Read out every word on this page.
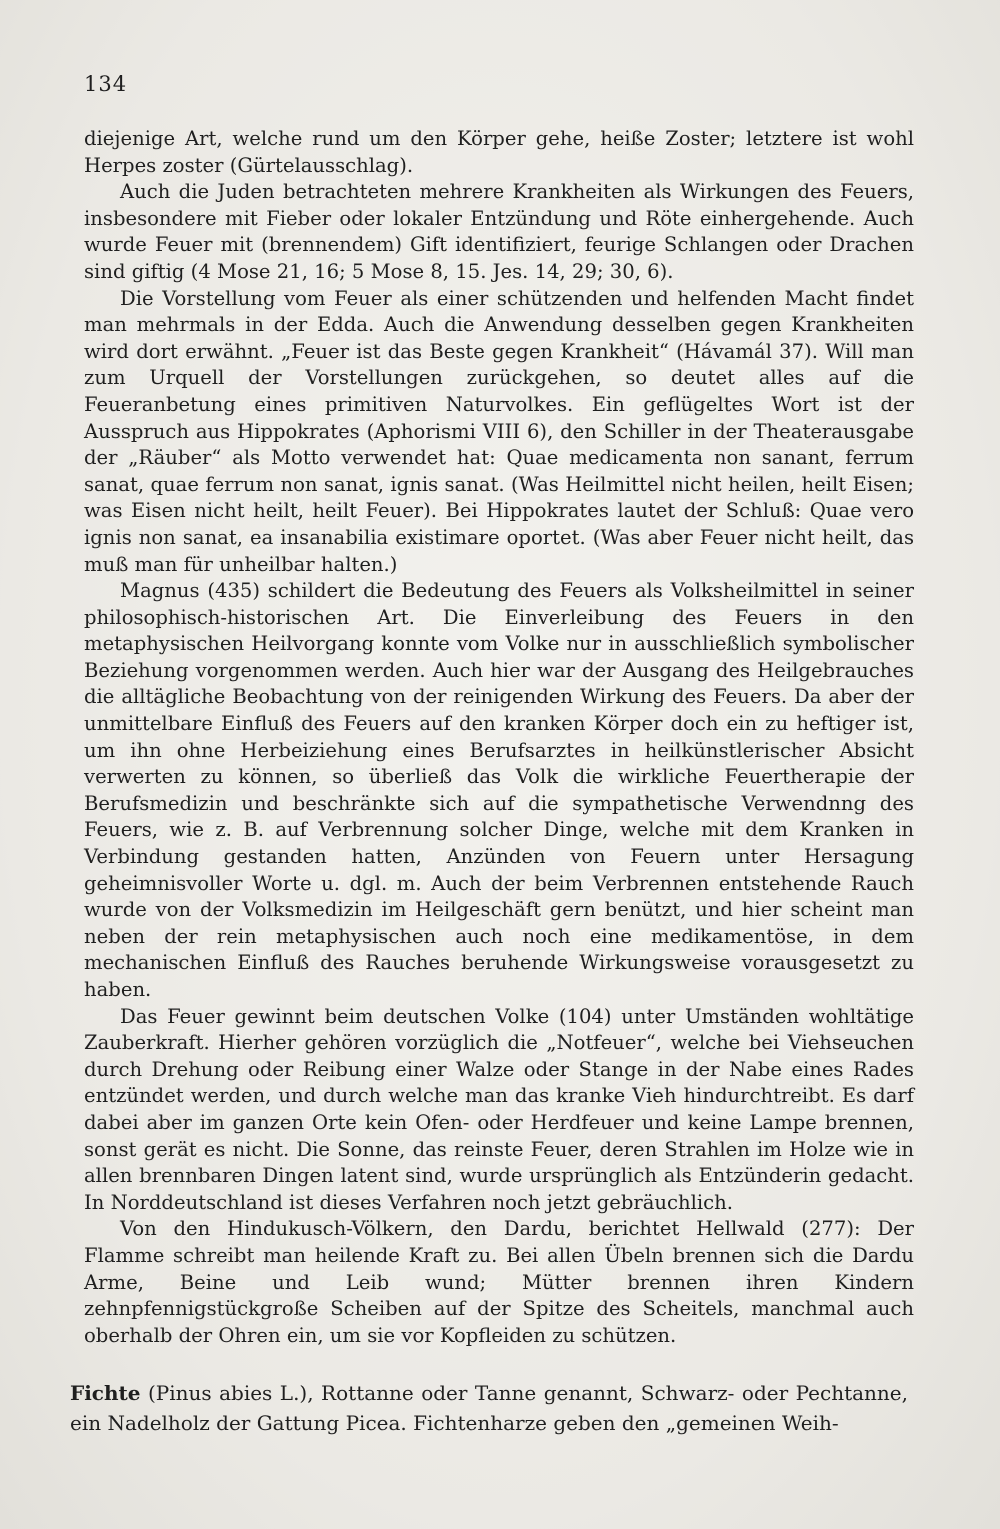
134

diejenige Art, welche rund um den Körper gehe, heiße Zoster; letztere ist wohl Herpes zoster (Gürtelausschlag).

Auch die Juden betrachteten mehrere Krankheiten als Wirkungen des Feuers, insbesondere mit Fieber oder lokaler Entzündung und Röte einhergehende. Auch wurde Feuer mit (brennendem) Gift identifiziert, feurige Schlangen oder Drachen sind giftig (4 Mose 21, 16; 5 Mose 8, 15. Jes. 14, 29; 30, 6).

Die Vorstellung vom Feuer als einer schützenden und helfenden Macht findet man mehrmals in der Edda. Auch die Anwendung desselben gegen Krankheiten wird dort erwähnt. „Feuer ist das Beste gegen Krankheit“ (Hávamál 37). Will man zum Urquell der Vorstellungen zurückgehen, so deutet alles auf die Feueranbetung eines primitiven Naturvolkes. Ein geflügeltes Wort ist der Ausspruch aus Hippokrates (Aphorismi VIII 6), den Schiller in der Theaterausgabe der „Räuber“ als Motto verwendet hat: Quae medicamenta non sanant, ferrum sanat, quae ferrum non sanat, ignis sanat. (Was Heilmittel nicht heilen, heilt Eisen; was Eisen nicht heilt, heilt Feuer). Bei Hippokrates lautet der Schluß: Quae vero ignis non sanat, ea insanabilia existimare oportet. (Was aber Feuer nicht heilt, das muß man für unheilbar halten.)

Magnus (435) schildert die Bedeutung des Feuers als Volksheilmittel in seiner philosophisch-historischen Art. Die Einverleibung des Feuers in den metaphysischen Heilvorgang konnte vom Volke nur in ausschließlich symbolischer Beziehung vorgenommen werden. Auch hier war der Ausgang des Heilgebrauches die alltägliche Beobachtung von der reinigenden Wirkung des Feuers. Da aber der unmittelbare Einfluß des Feuers auf den kranken Körper doch ein zu heftiger ist, um ihn ohne Herbeiziehung eines Berufsarztes in heilkünstlerischer Absicht verwerten zu können, so überließ das Volk die wirkliche Feuertherapie der Berufsmedizin und beschränkte sich auf die sympathetische Verwendnng des Feuers, wie z. B. auf Verbrennung solcher Dinge, welche mit dem Kranken in Verbindung gestanden hatten, Anzünden von Feuern unter Hersagung geheimnisvoller Worte u. dgl. m. Auch der beim Verbrennen entstehende Rauch wurde von der Volksmedizin im Heilgeschäft gern benützt, und hier scheint man neben der rein metaphysischen auch noch eine medikamentöse, in dem mechanischen Einfluß des Rauches beruhende Wirkungsweise vorausgesetzt zu haben.

Das Feuer gewinnt beim deutschen Volke (104) unter Umständen wohltätige Zauberkraft. Hierher gehören vorzüglich die „Notfeuer“, welche bei Viehseuchen durch Drehung oder Reibung einer Walze oder Stange in der Nabe eines Rades entzündet werden, und durch welche man das kranke Vieh hindurchtreibt. Es darf dabei aber im ganzen Orte kein Ofen- oder Herdfeuer und keine Lampe brennen, sonst gerät es nicht. Die Sonne, das reinste Feuer, deren Strahlen im Holze wie in allen brennbaren Dingen latent sind, wurde ursprünglich als Entzünderin gedacht. In Norddeutschland ist dieses Verfahren noch jetzt gebräuchlich.

Von den Hindukusch-Völkern, den Dardu, berichtet Hellwald (277): Der Flamme schreibt man heilende Kraft zu. Bei allen Übeln brennen sich die Dardu Arme, Beine und Leib wund; Mütter brennen ihren Kindern zehnpfennigstückgroße Scheiben auf der Spitze des Scheitels, manchmal auch oberhalb der Ohren ein, um sie vor Kopfleiden zu schützen.

Fichte (Pinus abies L.), Rottanne oder Tanne genannt, Schwarz- oder Pechtanne, ein Nadelholz der Gattung Picea. Fichtenharze geben den „gemeinen Weih-
